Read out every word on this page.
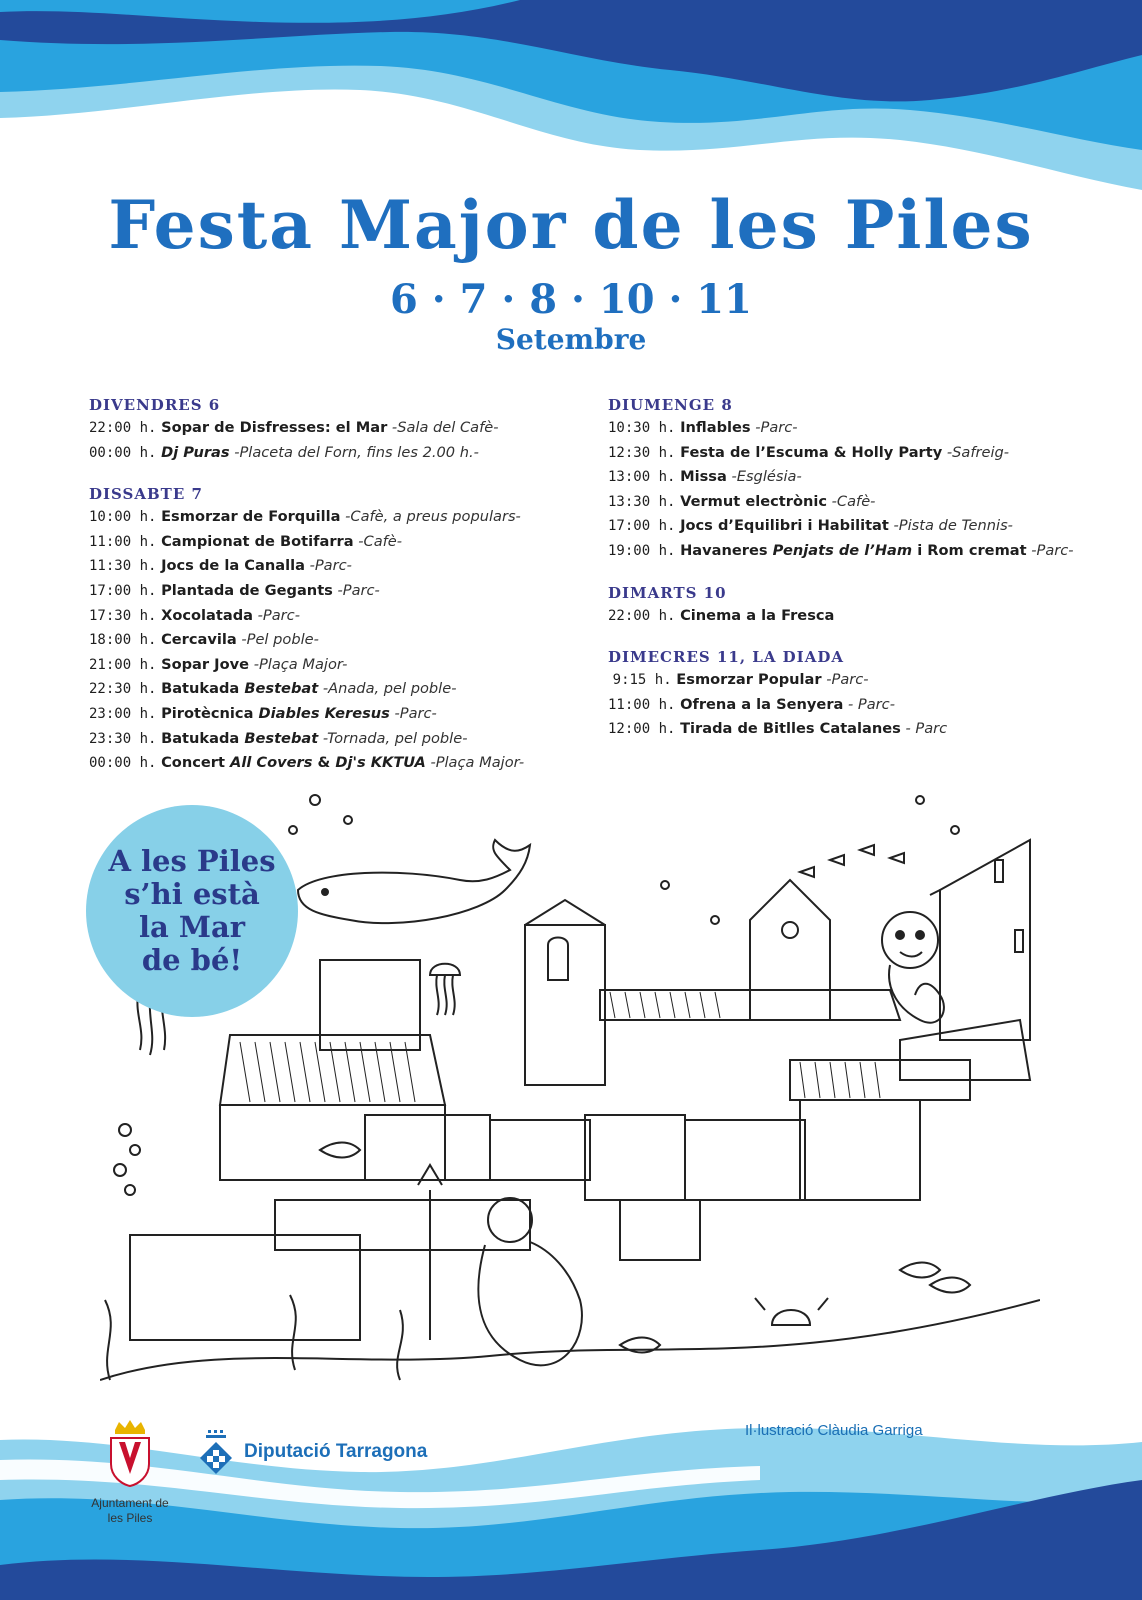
Festa Major de les Piles
6 · 7 · 8 · 10 · 11
Setembre
DIVENDRES 6
22:00 h. Sopar de Disfresses: el Mar -Sala del Cafè-
00:00 h. Dj Puras -Placeta del Forn, fins les 2.00 h.-
DISSABTE 7
10:00 h. Esmorzar de Forquilla -Cafè, a preus populars-
11:00 h. Campionat de Botifarra -Cafè-
11:30 h. Jocs de la Canalla -Parc-
17:00 h. Plantada de Gegants -Parc-
17:30 h. Xocolatada -Parc-
18:00 h. Cercavila -Pel poble-
21:00 h. Sopar Jove -Plaça Major-
22:30 h. Batukada Bestebat -Anada, pel poble-
23:00 h. Pirotècnica Diables Keresus -Parc-
23:30 h. Batukada Bestebat -Tornada, pel poble-
00:00 h. Concert All Covers & Dj's KKTUA -Plaça Major-
DIUMENGE 8
10:30 h. Inflables -Parc-
12:30 h. Festa de l’Escuma & Holly Party -Safreig-
13:00 h. Missa -Església-
13:30 h. Vermut electrònic -Cafè-
17:00 h. Jocs d’Equilibri i Habilitat -Pista de Tennis-
19:00 h. Havaneres Penjats de l’Ham i Rom cremat -Parc-
DIMARTS 10
22:00 h. Cinema a la Fresca
DIMECRES 11, LA DIADA
9:15 h. Esmorzar Popular -Parc-
11:00 h. Ofrena a la Senyera - Parc-
12:00 h. Tirada de Bitlles Catalanes - Parc
A les Piles
s’hi està
la Mar
de bé!
Il·lustració Clàudia Garriga
Ajuntament de
les Piles
Diputació Tarragona
